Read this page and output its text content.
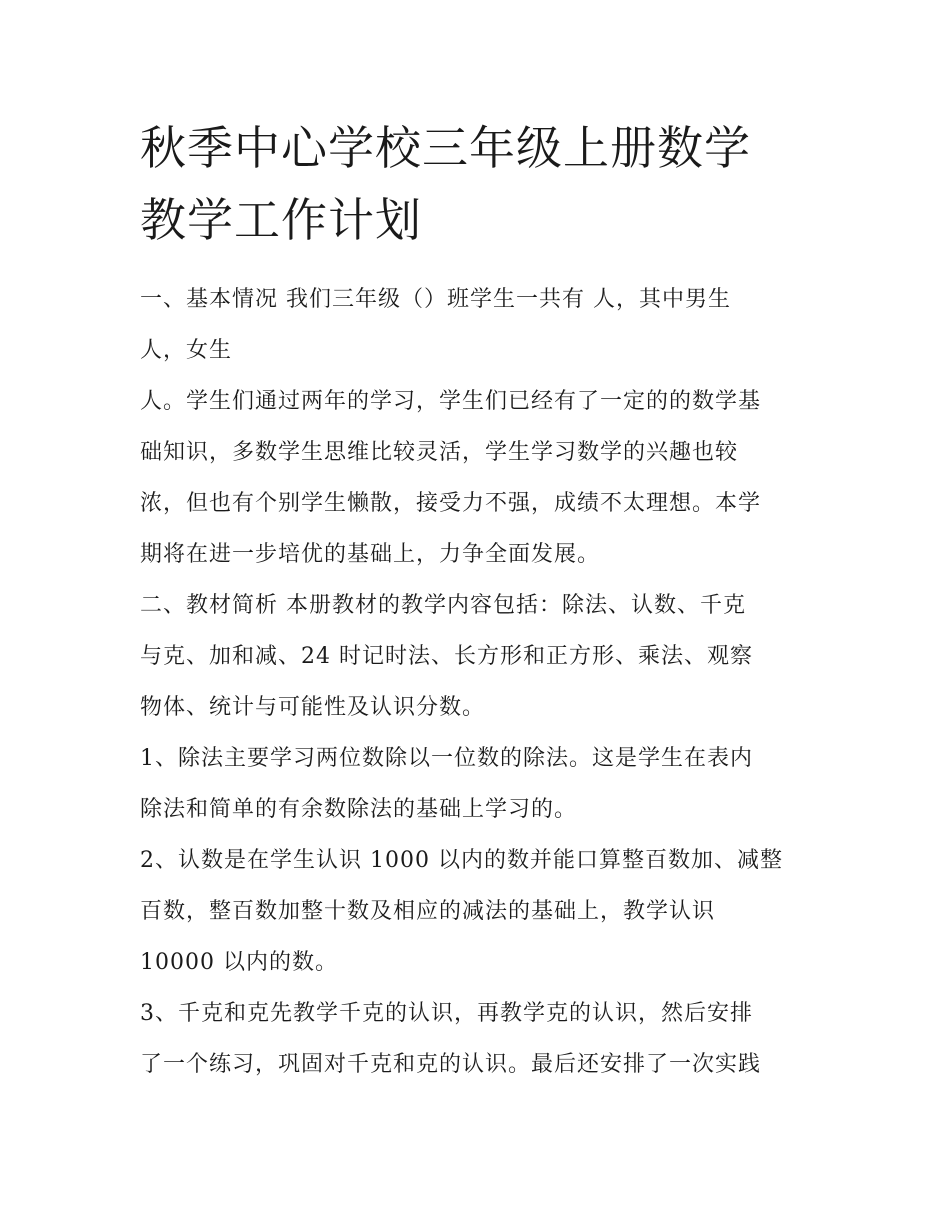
秋季中心学校三年级上册数学
教学工作计划
一、基本情况 我们三年级（）班学生一共有 人，其中男生
人，女生
人。学生们通过两年的学习，学生们已经有了一定的的数学基
础知识，多数学生思维比较灵活，学生学习数学的兴趣也较
浓，但也有个别学生懒散，接受力不强，成绩不太理想。本学
期将在进一步培优的基础上，力争全面发展。
二、教材简析 本册教材的教学内容包括：除法、认数、千克
与克、加和减、24 时记时法、长方形和正方形、乘法、观察
物体、统计与可能性及认识分数。
1、除法主要学习两位数除以一位数的除法。这是学生在表内
除法和简单的有余数除法的基础上学习的。
2、认数是在学生认识 1000 以内的数并能口算整百数加、减整
百数，整百数加整十数及相应的减法的基础上，教学认识
10000 以内的数。
3、千克和克先教学千克的认识，再教学克的认识，然后安排
了一个练习，巩固对千克和克的认识。最后还安排了一次实践
